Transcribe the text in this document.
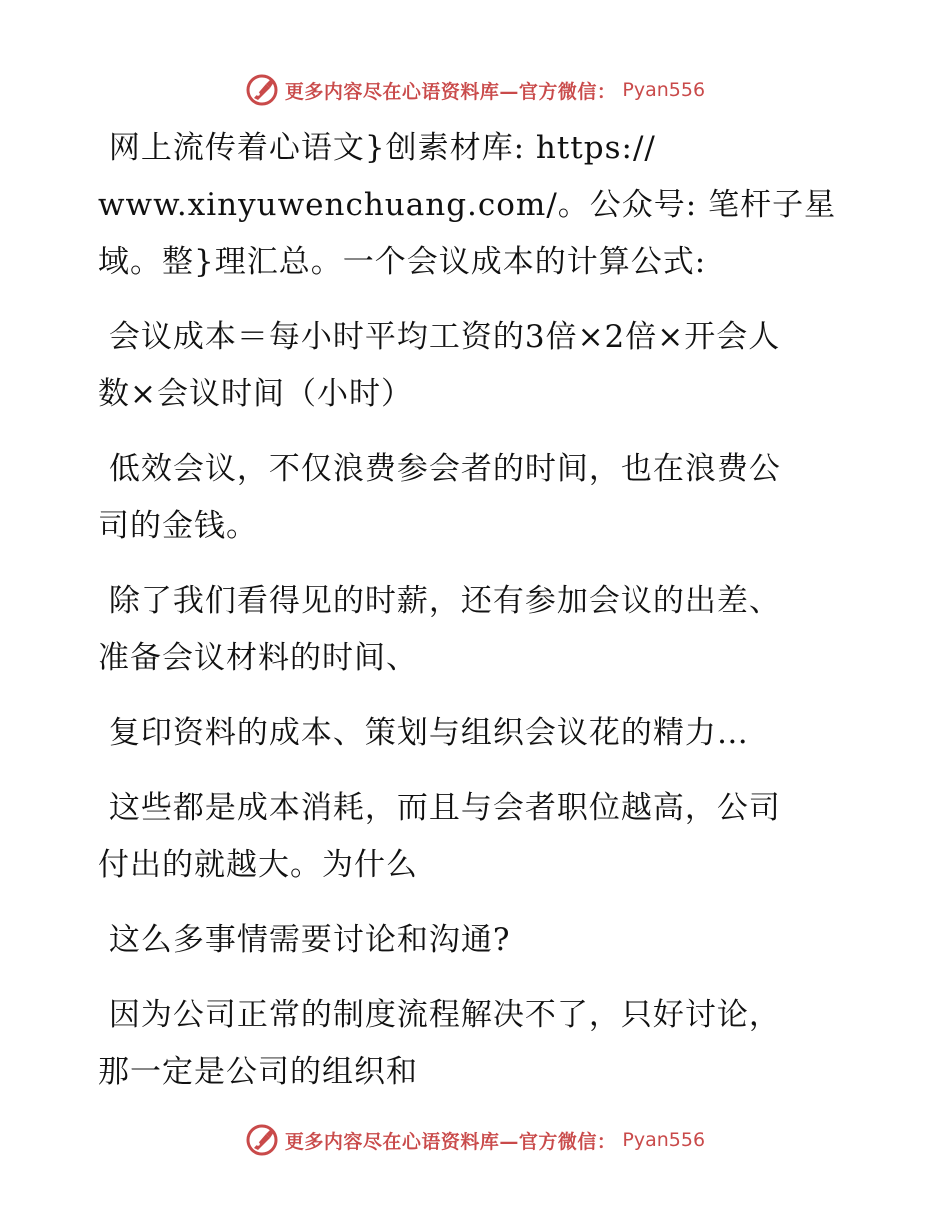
更多内容尽在心语资料库—官方微信： Pyan556

网上流传着心语文}创素材库: https://
www.xinyuwenchuang.com/。公众号: 笔杆子星
域。整}理汇总。一个会议成本的计算公式:

会议成本＝每小时平均工资的3倍×2倍×开会人
数×会议时间（小时）

低效会议，不仅浪费参会者的时间，也在浪费公
司的金钱。

除了我们看得见的时薪，还有参加会议的出差、
准备会议材料的时间、

复印资料的成本、策划与组织会议花的精力…

这些都是成本消耗，而且与会者职位越高，公司
付出的就越大。为什么

这么多事情需要讨论和沟通?

因为公司正常的制度流程解决不了，只好讨论，
那一定是公司的组织和

更多内容尽在心语资料库—官方微信： Pyan556
